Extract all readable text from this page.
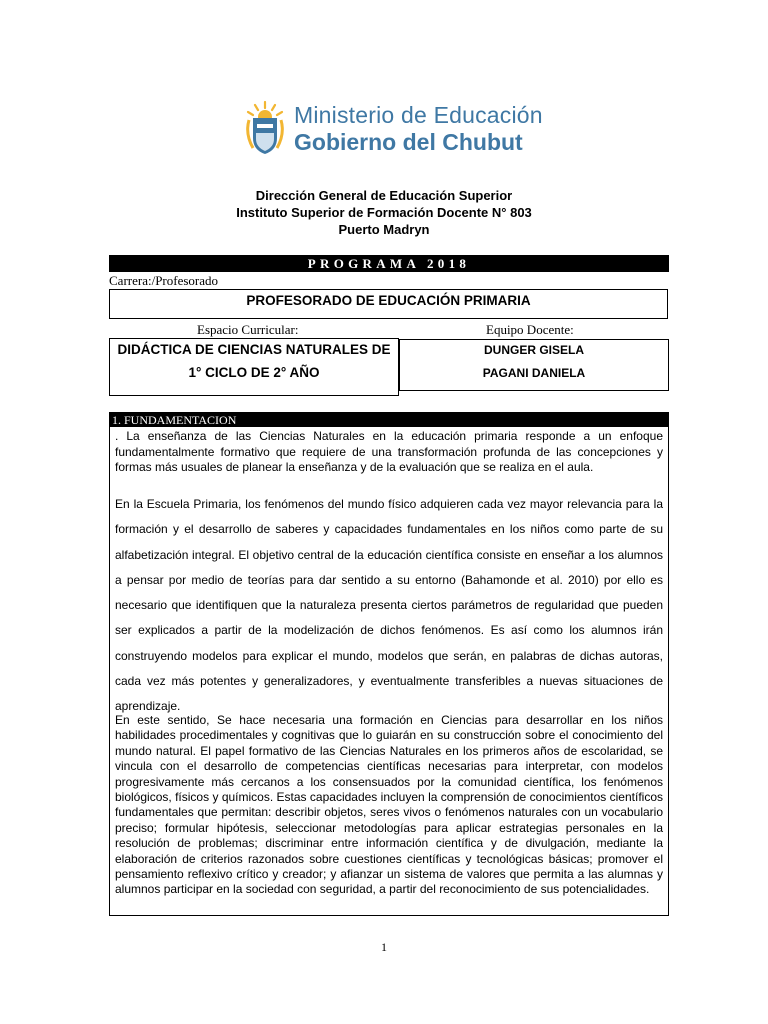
Ministerio de Educación
Gobierno del Chubut
Dirección General de Educación Superior
Instituto Superior de Formación Docente N° 803
Puerto Madryn
PROGRAMA 2018
Carrera:/Profesorado
PROFESORADO DE EDUCACIÓN PRIMARIA
Espacio Curricular:	Equipo Docente:
DIDÁCTICA DE CIENCIAS NATURALES DE
1° CICLO DE 2° AÑO
DUNGER GISELA
PAGANI DANIELA
1. FUNDAMENTACION
. La enseñanza de las Ciencias Naturales en la educación primaria responde a un enfoque fundamentalmente formativo que requiere de una transformación profunda de las concepciones y formas más usuales de planear la enseñanza y de la evaluación que se realiza en el aula.
En la Escuela Primaria, los fenómenos del mundo físico adquieren cada vez mayor relevancia para la formación y el desarrollo de saberes y capacidades fundamentales en los niños como parte de su alfabetización integral. El objetivo central de la educación científica consiste en enseñar a los alumnos a pensar por medio de teorías para dar sentido a su entorno (Bahamonde et al. 2010) por ello es necesario que identifiquen que la naturaleza presenta ciertos parámetros de regularidad que pueden ser explicados a partir de la modelización de dichos fenómenos. Es así como los alumnos irán construyendo modelos para explicar el mundo, modelos que serán, en palabras de dichas autoras, cada vez más potentes y generalizadores, y eventualmente transferibles a nuevas situaciones de aprendizaje.
En este sentido, Se hace necesaria una formación en Ciencias para desarrollar en los niños habilidades procedimentales y cognitivas que lo guiarán en su construcción sobre el conocimiento del mundo natural. El papel formativo de las Ciencias Naturales en los primeros años de escolaridad, se vincula con el desarrollo de competencias científicas necesarias para interpretar, con modelos progresivamente más cercanos a los consensuados por la comunidad científica, los fenómenos biológicos, físicos y químicos. Estas capacidades incluyen la comprensión de conocimientos científicos fundamentales que permitan: describir objetos, seres vivos o fenómenos naturales con un vocabulario preciso; formular hipótesis, seleccionar metodologías para aplicar estrategias personales en la resolución de problemas; discriminar entre información científica y de divulgación, mediante la elaboración de criterios razonados sobre cuestiones científicas y tecnológicas básicas; promover el pensamiento reflexivo crítico y creador; y afianzar un sistema de valores que permita a las alumnas y alumnos participar en la sociedad con seguridad, a partir del reconocimiento de sus potencialidades.
1
